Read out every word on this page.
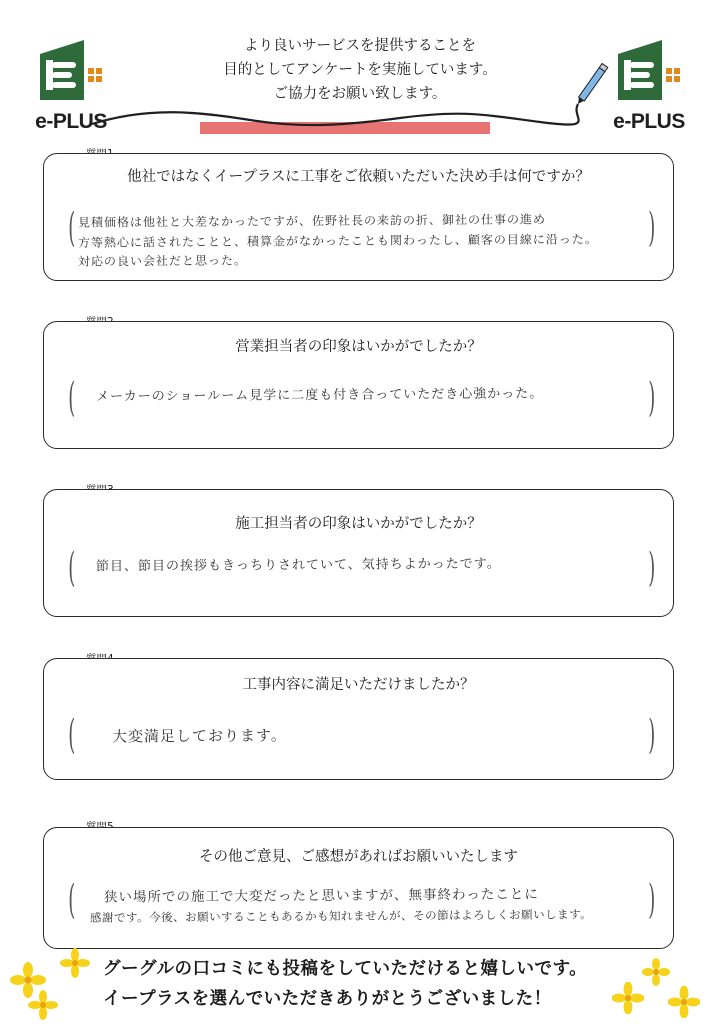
e-PLUS	e-PLUS
より良いサービスを提供することを
目的としてアンケートを実施しています。
ご協力をお願い致します。
他社ではなくイープラスに工事をご依頼いただいた決め手は何ですか？
(	)
見積価格は他社と大差なかったですが、佐野社長の来訪の折、御社の仕事の進め
方等熱心に話されたことと、積算金がなかったことも関わったし、顧客の目線に沿った。
対応の良い会社だと思った。
営業担当者の印象はいかがでしたか？
(	)
メーカーのショールーム見学に二度も付き合っていただき心強かった。
施工担当者の印象はいかがでしたか？
(	)
節目、節目の挨拶もきっちりされていて、気持ちよかったです。
工事内容に満足いただけましたか？
(	)
大変満足しております。
その他ご意見、ご感想があればお願いいたします
(	)
狭い場所での施工で大変だったと思いますが、無事終わったことに
感謝です。今後、お願いすることもあるかも知れませんが、その節はよろしくお願いします。
グーグルの口コミにも投稿をしていただけると嬉しいです。
イープラスを選んでいただきありがとうございました！
